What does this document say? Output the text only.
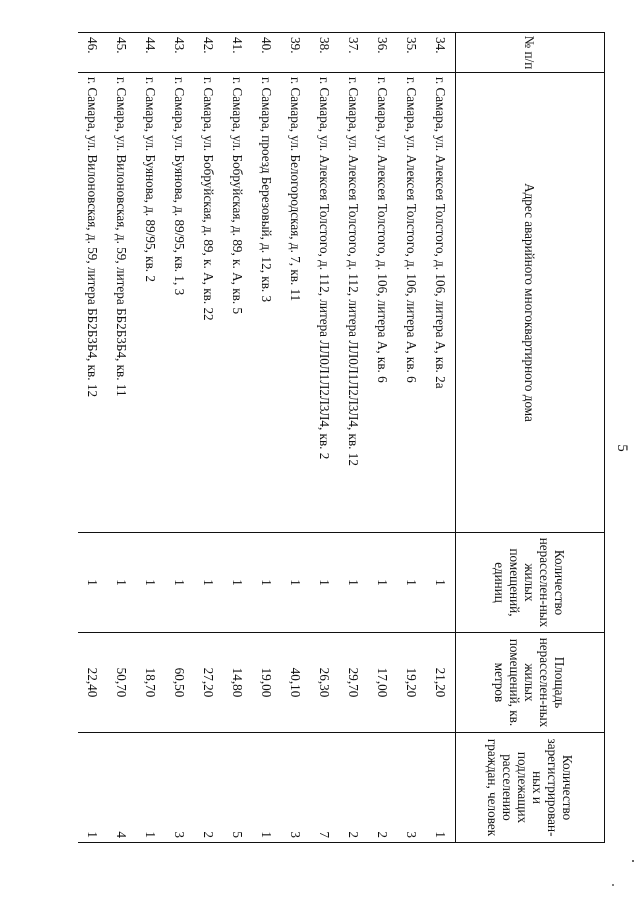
5
№ п/п	Адрес аварийного многоквартирного дома	Количество нерасселен-ных жилых помещений, единиц	Площадь нерасселен-ных жилых помещений, кв. метров	Количество зарегистрирован-ных и подлежащих расселению граждан, человек
34.	г. Самара, ул. Алексея Толстого, д. 106, литера А, кв. 2а	1	21,20	1
35.	г. Самара, ул. Алексея Толстого, д. 106, литера А, кв. 6	1	19,20	3
36.	г. Самара, ул. Алексея Толстого, д. 106, литера А, кв. 6	1	17,00	2
37.	г. Самара, ул. Алексея Толстого, д. 112, литера ЛЛ0Л1Л2Л3Л4, кв. 12	1	29,70	2
38.	г. Самара, ул. Алексея Толстого, д. 112, литера ЛЛ0Л1Л2Л3Л4, кв. 2	1	26,30	7
39.	г. Самара, ул. Белогородская, д. 7, кв. 11	1	40,10	3
40.	г. Самара, проезд Березовый, д. 12, кв. 3	1	19,00	1
41.	г. Самара, ул. Бобруйская, д. 89, к. А, кв. 5	1	14,80	5
42.	г. Самара, ул. Бобруйская, д. 89, к. А, кв. 22	1	27,20	2
43.	г. Самара, ул. Буянова, д. 89/95, кв. 1, 3	1	60,50	3
44.	г. Самара, ул. Буянова, д. 89/95, кв. 2	1	18,70	1
45.	г. Самара, ул. Вилоновская, д. 59, литера ББ2Б3Б4, кв. 11	1	50,70	4
46.	г. Самара, ул. Вилоновская, д. 59, литера ББ2Б3Б4, кв. 12	1	22,40	1
